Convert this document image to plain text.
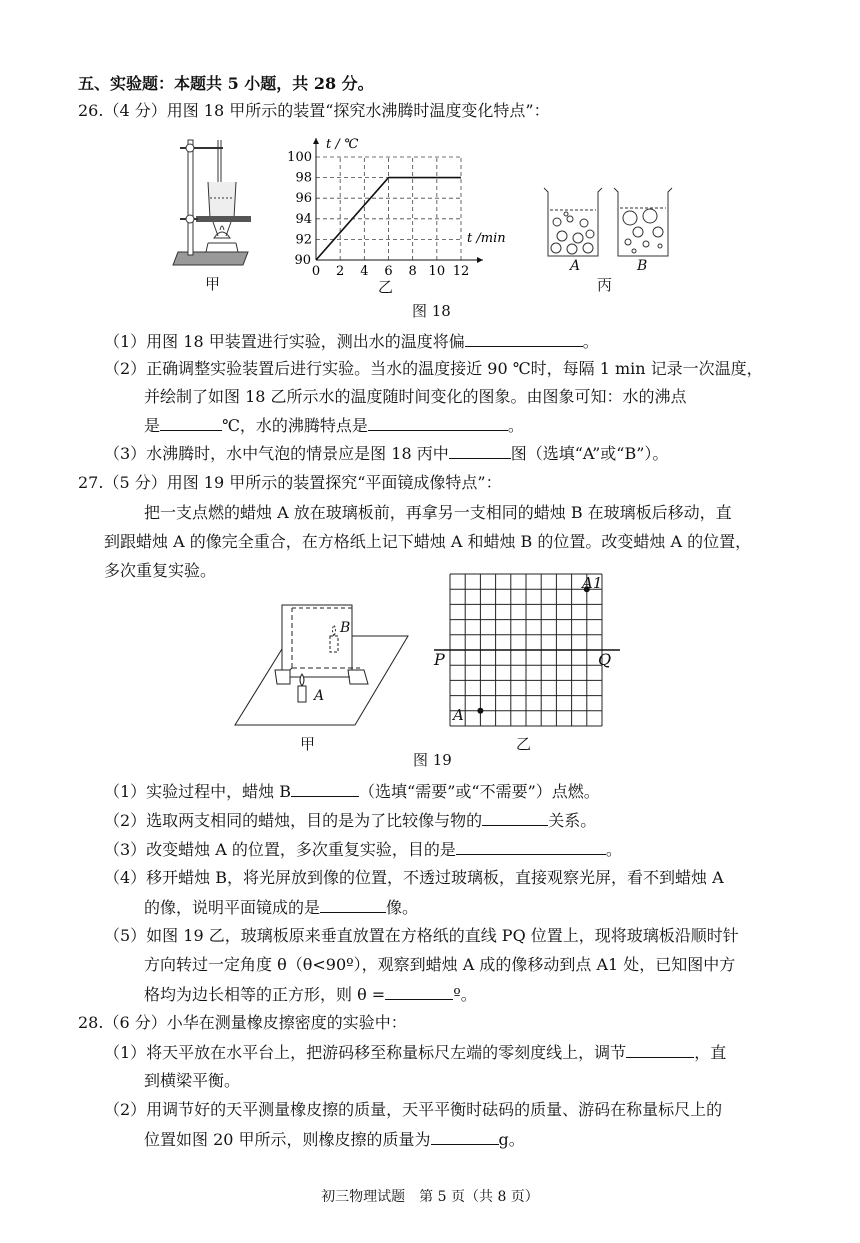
五、实验题：本题共 5 小题，共 28 分。
26.（4 分）用图 18 甲所示的装置“探究水沸腾时温度变化特点”：
甲
0 2 4 6 8 10 12
90
92
94
96
98
100
t / ℃
t /min
乙
A	B
丙
图 18
（1）用图 18 甲装置进行实验，测出水的温度将偏	。
（2）正确调整实验装置后进行实验。当水的温度接近 90 ℃时，每隔 1 min 记录一次温度，
并绘制了如图 18 乙所示水的温度随时间变化的图象。由图象可知：水的沸点
是	℃，水的沸腾特点是	。
（3）水沸腾时，水中气泡的情景应是图 18 丙中	图（选填“A”或“B”）。
27.（5 分）用图 19 甲所示的装置探究“平面镜成像特点”：
把一支点燃的蜡烛 A 放在玻璃板前，再拿另一支相同的蜡烛 B 在玻璃板后移动，直
到跟蜡烛 A 的像完全重合，在方格纸上记下蜡烛 A 和蜡烛 B 的位置。改变蜡烛 A 的位置，
多次重复实验。
B
A
甲
P	Q
A
A1
乙
图 19
（1）实验过程中，蜡烛 B	（选填“需要”或“不需要”）点燃。
（2）选取两支相同的蜡烛，目的是为了比较像与物的	关系。
（3）改变蜡烛 A 的位置，多次重复实验，目的是	。
（4）移开蜡烛 B，将光屏放到像的位置，不透过玻璃板，直接观察光屏，看不到蜡烛 A
的像，说明平面镜成的是	像。
（5）如图 19 乙，玻璃板原来垂直放置在方格纸的直线 PQ 位置上，现将玻璃板沿顺时针
方向转过一定角度 θ（θ<90º），观察到蜡烛 A 成的像移动到点 A1 处，已知图中方
格均为边长相等的正方形，则 θ =	º。
28.（6 分）小华在测量橡皮擦密度的实验中：
（1）将天平放在水平台上，把游码移至称量标尺左端的零刻度线上，调节	，直
到横梁平衡。
（2）用调节好的天平测量橡皮擦的质量，天平平衡时砝码的质量、游码在称量标尺上的
位置如图 20 甲所示，则橡皮擦的质量为	g。
初三物理试题　第 5 页（共 8 页）
